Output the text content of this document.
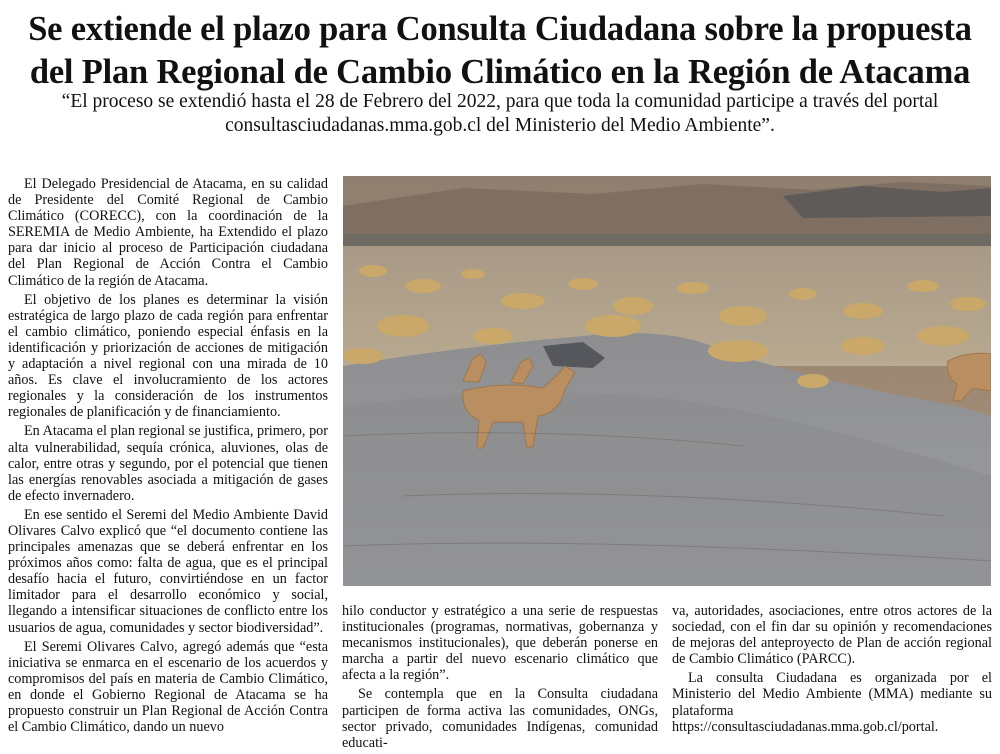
Se extiende el plazo para Consulta Ciudadana sobre la propuesta
del Plan Regional de Cambio Climático en la Región de Atacama
“El proceso se extendió hasta el 28 de Febrero del 2022, para que toda la comunidad participe a través del portal
consultasciudadanas.mma.gob.cl del Ministerio del Medio Ambiente”.

El Delegado Presidencial de Atacama, en su calidad de Presidente del Comité Regional de Cambio Climático (CORECC), con la coordinación de la SEREMIA de Medio Ambiente, ha Extendido el plazo para dar inicio al proceso de Participación ciudadana del Plan Regional de Acción Contra el Cambio Climático de la región de Atacama.

El objetivo de los planes es determinar la visión estratégica de largo plazo de cada región para enfrentar el cambio climático, poniendo especial énfasis en la identificación y priorización de acciones de mitigación y adaptación a nivel regional con una mirada de 10 años. Es clave el involucramiento de los actores regionales y la consideración de los instrumentos regionales de planificación y de financiamiento.

En Atacama el plan regional se justifica, primero, por alta vulnerabilidad, sequía crónica, aluviones, olas de calor, entre otras y segundo, por el potencial que tienen las energías renovables asociada a mitigación de gases de efecto invernadero.

En ese sentido el Seremi del Medio Ambiente David Olivares Calvo explicó que “el documento contiene las principales amenazas que se deberá enfrentar en los próximos años como: falta de agua, que es el principal desafío hacia el futuro, convirtiéndose en un factor limitador para el desarrollo económico y social, llegando a intensificar situaciones de conflicto entre los usuarios de agua, comunidades y sector biodiversidad”.

El Seremi Olivares Calvo, agregó además que “esta iniciativa se enmarca en el escenario de los acuerdos y compromisos del país en materia de Cambio Climático, en donde el Gobierno Regional de Atacama se ha propuesto construir un Plan Regional de Acción Contra el Cambio Climático, dando un nuevo

hilo conductor y estratégico a una serie de respuestas institucionales (programas, normativas, gobernanza y mecanismos institucionales), que deberán ponerse en marcha a partir del nuevo escenario climático que afecta a la región”.

Se contempla que en la Consulta ciudadana participen de forma activa las comunidades, ONGs, sector privado, comunidades Indígenas, comunidad educati-

va, autoridades, asociaciones, entre otros actores de la sociedad, con el fin dar su opinión y recomendaciones de mejoras del anteproyecto de Plan de acción regional de Cambio Climático (PARCC).

La consulta Ciudadana es organizada por el Ministerio del Medio Ambiente (MMA) mediante su plataforma https://consultasciudadanas.mma.gob.cl/portal.
